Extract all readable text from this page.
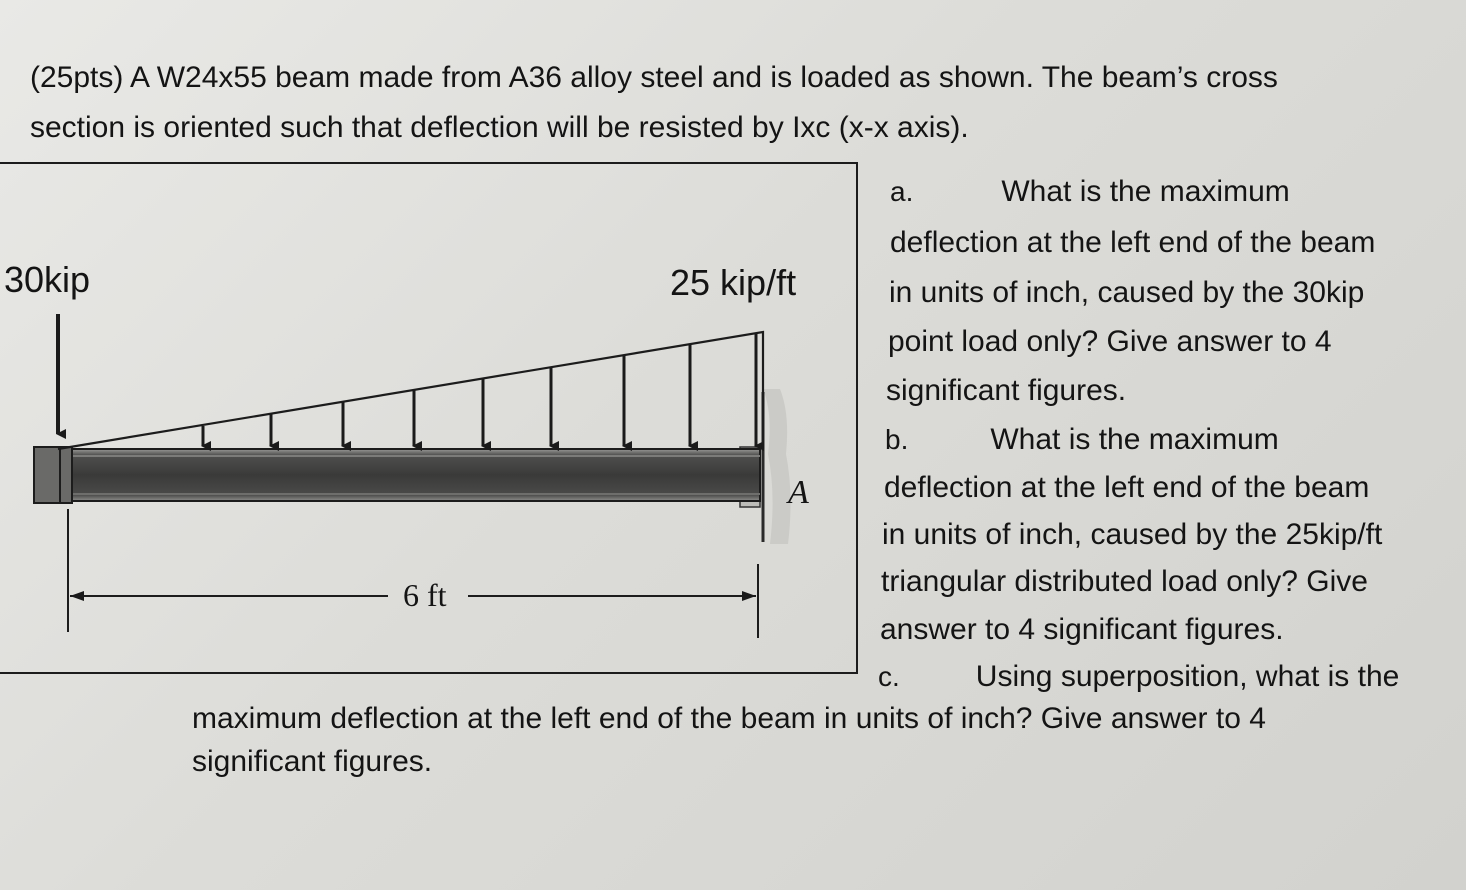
(25pts) A W24x55 beam made from A36 alloy steel and is loaded as shown. The beam’s cross
section is oriented such that deflection will be resisted by Ixc (x-x axis).
30kip	25 kip/ft
A
6 ft
a.	What is the maximum
deflection at the left end of the beam
in units of inch, caused by the 30kip
point load only? Give answer to 4
significant figures.
b.	What is the maximum
deflection at the left end of the beam
in units of inch, caused by the 25kip/ft
triangular distributed load only? Give
answer to 4 significant figures.
c.	Using superposition, what is the
maximum deflection at the left end of the beam in units of inch? Give answer to 4
significant figures.
